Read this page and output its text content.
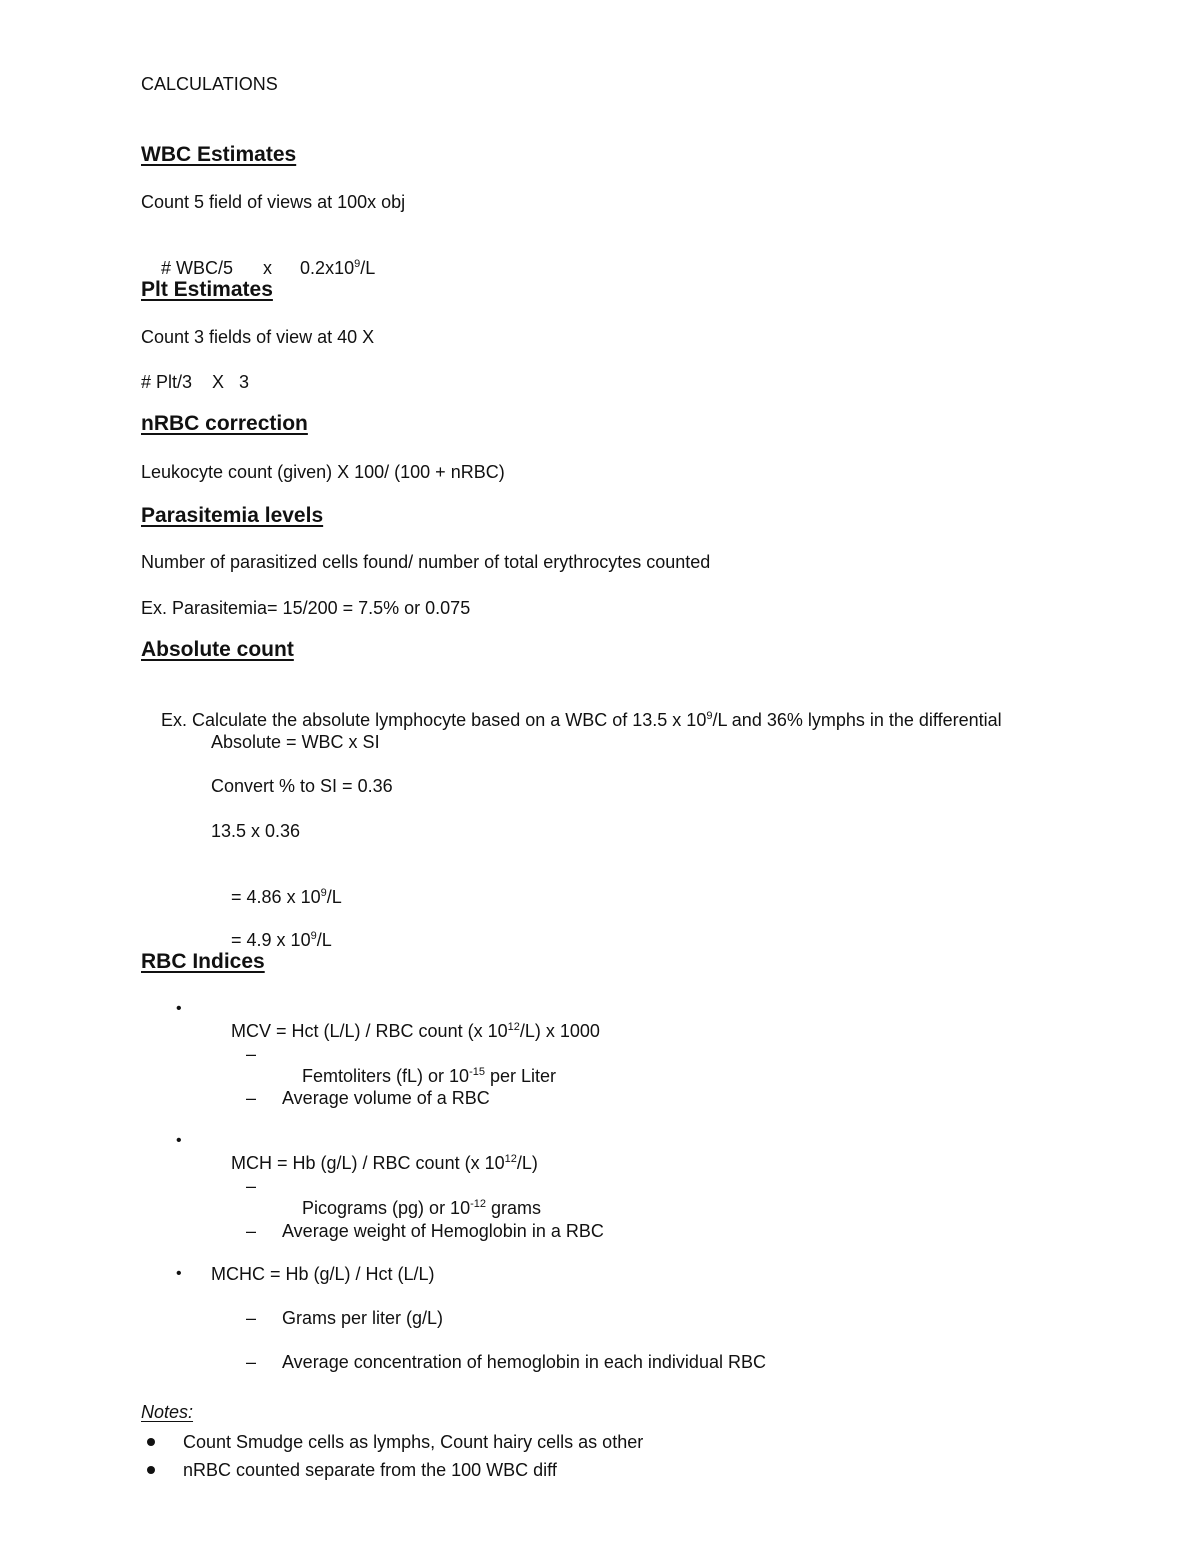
CALCULATIONS
WBC Estimates
Count 5 field of views at 100x obj

# WBC/5 x $0.2x10^9/L$

Plt Estimates
Count 3 fields of view at 40 X
# Plt/3    X   3
nRBC correction
Leukocyte count (given) X 100/ (100 + nRBC)
Parasitemia levels
Number of parasitized cells found/ number of total erythrocytes counted
Ex. Parasitemia= 15/200 = 7.5% or 0.075
Absolute count

Ex. Calculate the absolute lymphocyte based on a WBC of 13.5 x $10^9/L$ and 36% lymphs in the differential

Absolute = WBC x SI
Convert % to SI = 0.36
13.5 x 0.36

= 4.86 x $10^9/L$

= 4.9 x $10^9/L$

RBC Indices
•

MCV = Hct (L/L) / RBC count (x $10^{12}/L$) x 1000

–

Femtoliters (fL) or $10^{-15}$ per Liter

– Average volume of a RBC
•

MCH = Hb (g/L) / RBC count (x $10^{12}/L$)

–

Picograms (pg) or $10^{-12}$ grams

– Average weight of Hemoglobin in a RBC
• MCHC = Hb (g/L) / Hct (L/L)
– Grams per liter (g/L)
– Average concentration of hemoglobin in each individual RBC
Notes:
Count Smudge cells as lymphs, Count hairy cells as other
nRBC counted separate from the 100 WBC diff
